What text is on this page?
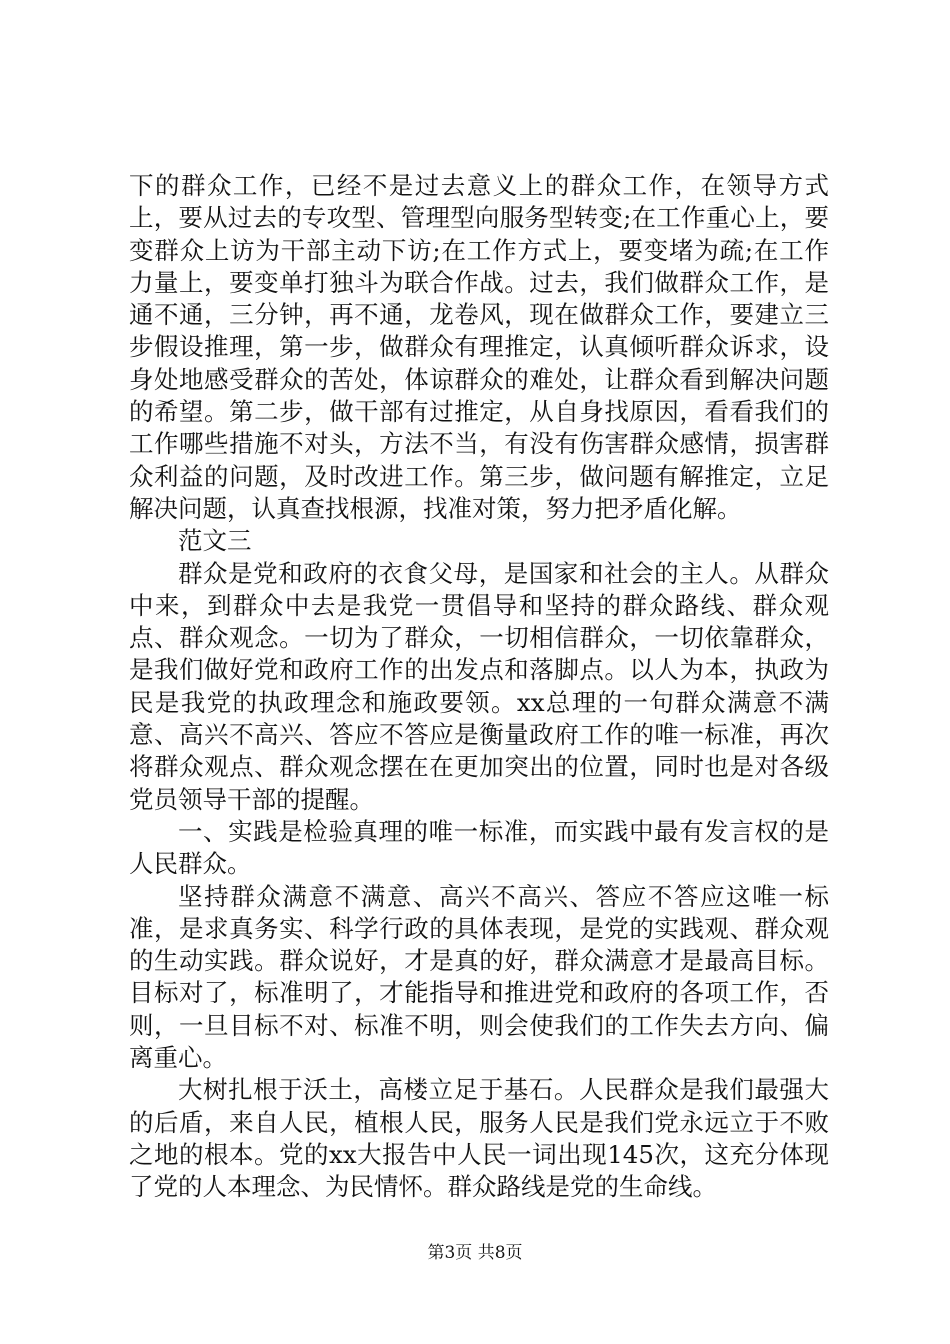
下的群众工作，已经不是过去意义上的群众工作，在领导方式上，要从过去的专攻型、管理型向服务型转变;在工作重心上，要变群众上访为干部主动下访;在工作方式上，要变堵为疏;在工作力量上，要变单打独斗为联合作战。过去，我们做群众工作，是通不通，三分钟，再不通，龙卷风，现在做群众工作，要建立三步假设推理，第一步，做群众有理推定，认真倾听群众诉求，设身处地感受群众的苦处，体谅群众的难处，让群众看到解决问题的希望。第二步，做干部有过推定，从自身找原因，看看我们的工作哪些措施不对头，方法不当，有没有伤害群众感情，损害群众利益的问题，及时改进工作。第三步，做问题有解推定，立足解决问题，认真查找根源，找准对策，努力把矛盾化解。

范文三

群众是党和政府的衣食父母，是国家和社会的主人。从群众中来，到群众中去是我党一贯倡导和坚持的群众路线、群众观点、群众观念。一切为了群众，一切相信群众，一切依靠群众，是我们做好党和政府工作的出发点和落脚点。以人为本，执政为民是我党的执政理念和施政要领。xx总理的一句群众满意不满意、高兴不高兴、答应不答应是衡量政府工作的唯一标准，再次将群众观点、群众观念摆在在更加突出的位置，同时也是对各级党员领导干部的提醒。

一、实践是检验真理的唯一标准，而实践中最有发言权的是人民群众。

坚持群众满意不满意、高兴不高兴、答应不答应这唯一标准，是求真务实、科学行政的具体表现，是党的实践观、群众观的生动实践。群众说好，才是真的好，群众满意才是最高目标。目标对了，标准明了，才能指导和推进党和政府的各项工作，否则，一旦目标不对、标准不明，则会使我们的工作失去方向、偏离重心。

大树扎根于沃土，高楼立足于基石。人民群众是我们最强大的后盾，来自人民，植根人民，服务人民是我们党永远立于不败之地的根本。党的xx大报告中人民一词出现145次，这充分体现了党的人本理念、为民情怀。群众路线是党的生命线。

第3页 共8页
